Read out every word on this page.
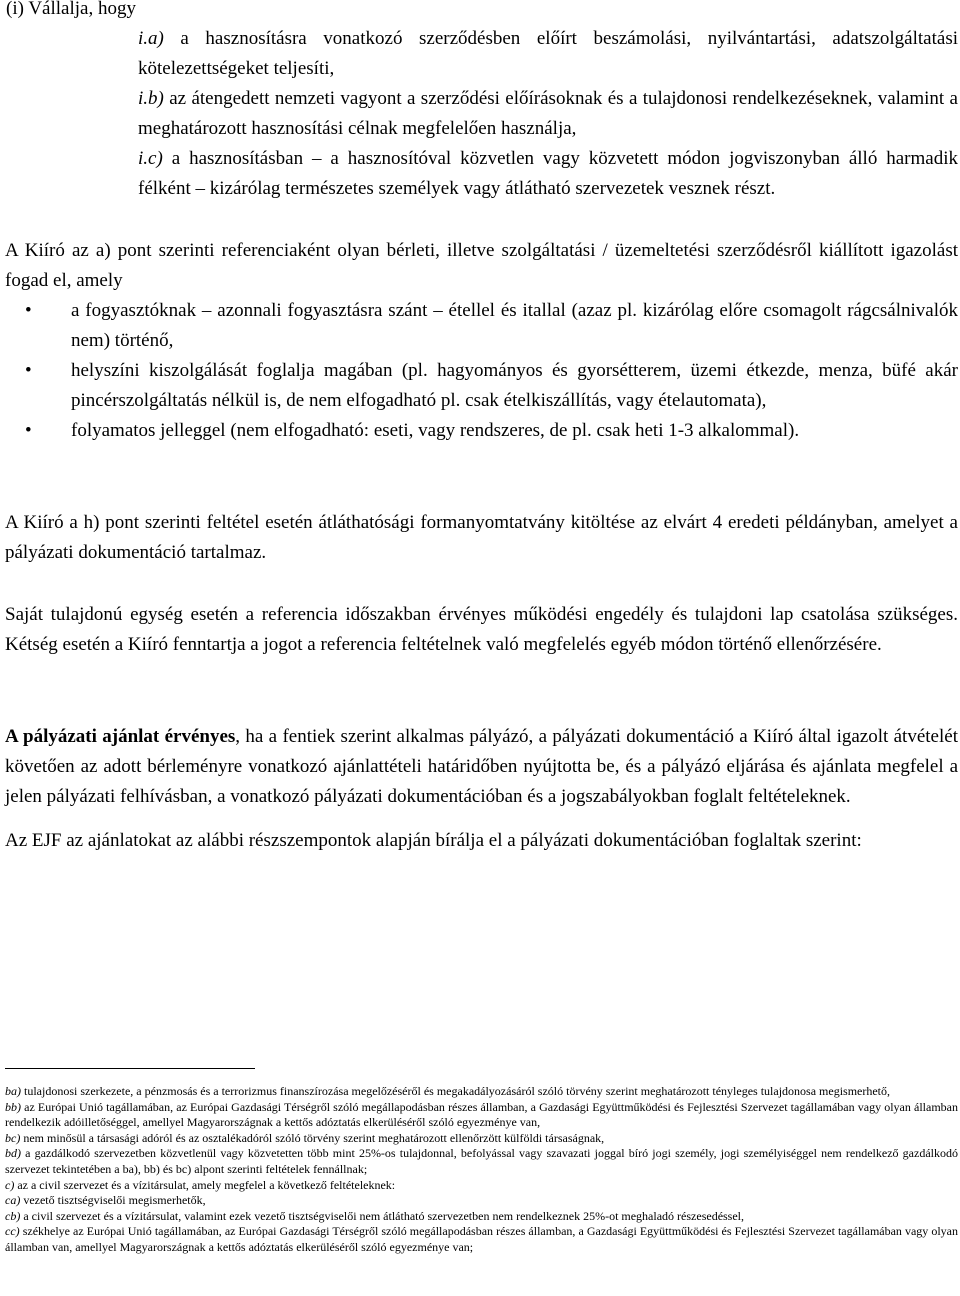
(i) Vállalja, hogy

i.a) a hasznosításra vonatkozó szerződésben előírt beszámolási, nyilvántartási, adatszolgáltatási kötelezettségeket teljesíti,

i.b) az átengedett nemzeti vagyont a szerződési előírásoknak és a tulajdonosi rendelkezéseknek, valamint a meghatározott hasznosítási célnak megfelelően használja,

i.c) a hasznosításban – a hasznosítóval közvetlen vagy közvetett módon jogviszonyban álló harmadik félként – kizárólag természetes személyek vagy átlátható szervezetek vesznek részt.

A Kiíró az a) pont szerinti referenciaként olyan bérleti, illetve szolgáltatási / üzemeltetési szerződésről kiállított igazolást fogad el, amely

• a fogyasztóknak – azonnali fogyasztásra szánt – étellel és itallal (azaz pl. kizárólag előre csomagolt rágcsálnivalók nem) történő,

• helyszíni kiszolgálását foglalja magában (pl. hagyományos és gyorsétterem, üzemi étkezde, menza, büfé akár pincérszolgáltatás nélkül is, de nem elfogadható pl. csak ételkiszállítás, vagy ételautomata),

• folyamatos jelleggel (nem elfogadható: eseti, vagy rendszeres, de pl. csak heti 1-3 alkalommal).

A Kiíró a h) pont szerinti feltétel esetén átláthatósági formanyomtatvány kitöltése az elvárt 4 eredeti példányban, amelyet a pályázati dokumentáció tartalmaz.

Saját tulajdonú egység esetén a referencia időszakban érvényes működési engedély és tulajdoni lap csatolása szükséges. Kétség esetén a Kiíró fenntartja a jogot a referencia feltételnek való megfelelés egyéb módon történő ellenőrzésére.

A pályázati ajánlat érvényes, ha a fentiek szerint alkalmas pályázó, a pályázati dokumentáció a Kiíró által igazolt átvételét követően az adott bérleményre vonatkozó ajánlattételi határidőben nyújtotta be, és a pályázó eljárása és ajánlata megfelel a jelen pályázati felhívásban, a vonatkozó pályázati dokumentációban és a jogszabályokban foglalt feltételeknek.

Az EJF az ajánlatokat az alábbi részszempontok alapján bírálja el a pályázati dokumentációban foglaltak szerint:

ba) tulajdonosi szerkezete, a pénzmosás és a terrorizmus finanszírozása megelőzéséről és megakadályozásáról szóló törvény szerint meghatározott tényleges tulajdonosa megismerhető,

bb) az Európai Unió tagállamában, az Európai Gazdasági Térségről szóló megállapodásban részes államban, a Gazdasági Együttműködési és Fejlesztési Szervezet tagállamában vagy olyan államban rendelkezik adóilletőséggel, amellyel Magyarországnak a kettős adóztatás elkerüléséről szóló egyezménye van,

bc) nem minősül a társasági adóról és az osztalékadóról szóló törvény szerint meghatározott ellenőrzött külföldi társaságnak,

bd) a gazdálkodó szervezetben közvetlenül vagy közvetetten több mint 25%-os tulajdonnal, befolyással vagy szavazati joggal bíró jogi személy, jogi személyiséggel nem rendelkező gazdálkodó szervezet tekintetében a ba), bb) és bc) alpont szerinti feltételek fennállnak;

c) az a civil szervezet és a vízitársulat, amely megfelel a következő feltételeknek:

ca) vezető tisztségviselői megismerhetők,

cb) a civil szervezet és a vízitársulat, valamint ezek vezető tisztségviselői nem átlátható szervezetben nem rendelkeznek 25%-ot meghaladó részesedéssel,

cc) székhelye az Európai Unió tagállamában, az Európai Gazdasági Térségről szóló megállapodásban részes államban, a Gazdasági Együttműködési és Fejlesztési Szervezet tagállamában vagy olyan államban van, amellyel Magyarországnak a kettős adóztatás elkerüléséről szóló egyezménye van;
